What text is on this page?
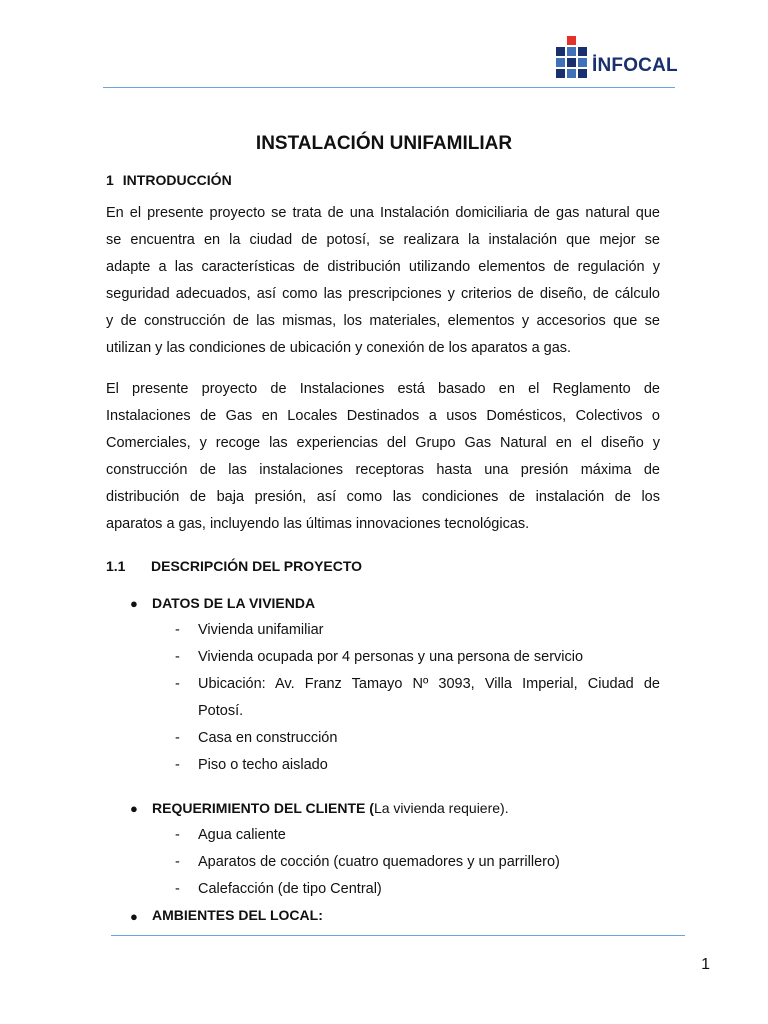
İNFOCAL
INSTALACIÓN UNIFAMILIAR
1 INTRODUCCIÓN
En el presente proyecto se trata de una Instalación domiciliaria de gas natural que
se encuentra en la ciudad de potosí, se realizara la instalación que mejor se
adapte a las características de distribución utilizando elementos de regulación y
seguridad adecuados, así como las prescripciones y criterios de diseño, de cálculo
y de construcción de las mismas, los materiales, elementos y accesorios que se
utilizan y las condiciones de ubicación y conexión de los aparatos a gas.
El presente proyecto de Instalaciones está basado en el Reglamento de
Instalaciones de Gas en Locales Destinados a usos Domésticos, Colectivos o
Comerciales, y recoge las experiencias del Grupo Gas Natural en el diseño y
construcción de las instalaciones receptoras hasta una presión máxima de
distribución de baja presión, así como las condiciones de instalación de los
aparatos a gas, incluyendo las últimas innovaciones tecnológicas.
1.1 DESCRIPCIÓN DEL PROYECTO
● DATOS DE LA VIVIENDA
- Vivienda unifamiliar
- Vivienda ocupada por 4 personas y una persona de servicio
- Ubicación: Av. Franz Tamayo Nº 3093, Villa Imperial, Ciudad de
Potosí.
- Casa en construcción
- Piso o techo aislado
● REQUERIMIENTO DEL CLIENTE (La vivienda requiere).
- Agua caliente
- Aparatos de cocción (cuatro quemadores y un parrillero)
- Calefacción (de tipo Central)
● AMBIENTES DEL LOCAL:
1
